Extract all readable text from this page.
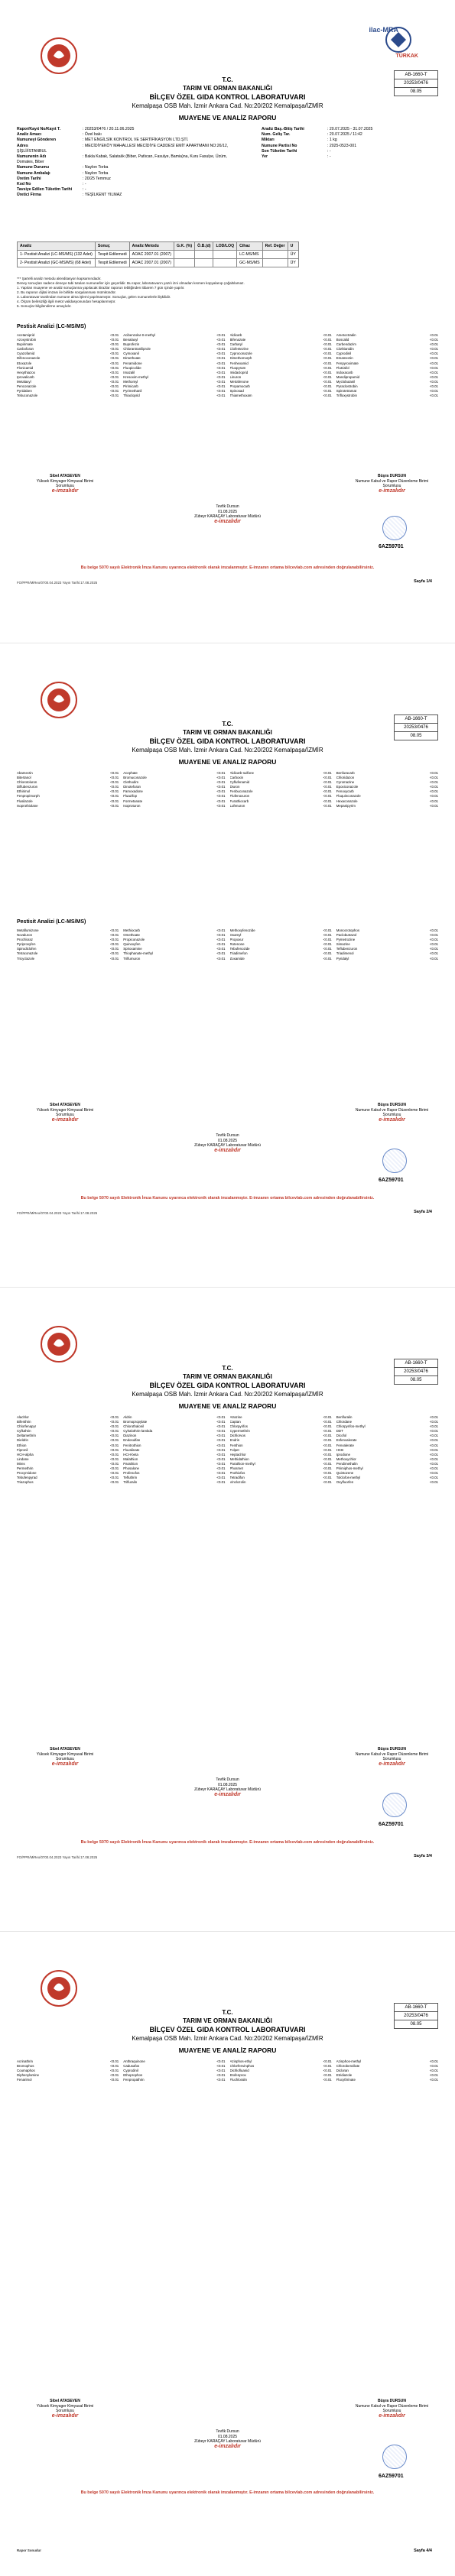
ilac-MRA
TÜRKAK
AB-1660-T
20253/0476
08.05
T.C.
TARIM VE ORMAN BAKANLIĞI
BİLÇEV ÖZEL GIDA KONTROL LABORATUVARI
Kemalpaşa OSB Mah. İzmir Ankara Cad. No:20/202 Kemalpaşa/İZMİR
MUAYENE VE ANALİZ RAPORU
Rapor/Kayıt No/Kayıt T.	: 20253/0476 / 20.11.06.2025
Analiz Amacı	: Özel bakı
Numuneyi Gönderen	: MET ENGİLSİK KONTROL VE SERTİFİKASYON LTD.ŞTİ.
Adres	: MECİDİYEKÖY MAHALLESİ MECİDİYE CADDESİ EMİT APARTMANI NO:26/12, ŞİŞLİ/İSTANBUL
Numunenin Adı	: Bakla Kabak, Salatalık (Biber, Patlıcan, Fasulye, Bamia)na, Kuru Fasulye, Üzüm, Domates, Biber
Numune Durumu	: Naylon Torba
Numune Ambalajı	: Naylon Torba
Üretim Tarihi	: 20/25 Temmuz
Kod No	: -
Tavsiye Edilen Tüketim Tarihi	: -
Üretici Firma	: YEŞİLKENT YILMAZ
Analiz Baş.-Bitiş Tarihi	: 20.07.2025 - 31.07.2025
Num. Geliş Tar.	: 20.07.2025 / 11:42
Miktarı	: 1 kg
Numune Partisi No	: 2025-0523-001
Son Tüketim Tarihi	: -
Yer	: -
Analiz	Sonuç	Analiz Metodu	G.K. (%)	Ö.B.(d)	LOD/LOQ	Cihaz	Ref. Değer	U
1- Pestisit Analizi (LC-MS/MS) (132 Adet)	Tespit Edilemedi	AOAC 2007.01 (2007)				LC-MS/MS		ÜY
2- Pestisit Analizi (GC-MS/MS) (68 Adet)	Tespit Edilemedi	AOAC 2007.01 (2007)				GC-MS/MS		ÜY
*** Şartelli analiz metodu akreditasyon kapsamındadır.
Deney sonuçları sadece deneye tabi tutulan numune/ler için geçerlidir. Bu rapor, laboratuvarın yazılı izni olmadan kısmen kopyalanıp çoğaltılamaz.
1. Yapılan muayene ve analiz sonuçlarına yapılacak itirazlar raporun tebliğinden itibaren 7 gün içinde yapılır.
2. Bu raporun dijital imzası ile birlikte sorgulanması mümkündür.
3. Laboratuvar tarafından numune alma işlemi yapılmamıştır. Sonuçlar, gelen numunelerle ilişkilidir.
4. Ölçüm belirsizliği ilgili metot validasyonundan hesaplanmıştır.
5. Sonuçlar bilgilendirme amaçlıdır.
Pestisit Analizi (LC-MS/MS)
Acetamiprid	<0.01 Acibenzolar-S-methyl	<0.01 Aldicarb	<0.01 Ametoctradin	<0.01
Azoxystrobin	<0.01 Benalaxyl	<0.01 Bifenazate	<0.01 Boscalid	<0.01
Bupirimate	<0.01 Buprofezin	<0.01 Carbaryl	<0.01 Carbendazim	<0.01
Carbofuran	<0.01 Chlorantraniliprole	<0.01 Clofentezine	<0.01 Clothianidin	<0.01
Cyazofamid	<0.01 Cymoxanil	<0.01 Cyproconazole	<0.01 Cyprodinil	<0.01
Difenoconazole	<0.01 Dimethoate	<0.01 Dimethomorph	<0.01 Emamectin	<0.01
Etoxazole	<0.01 Fenamidone	<0.01 Fenhexamid	<0.01 Fenpyroximate	<0.01
Flonicamid	<0.01 Fluopicolide	<0.01 Fluopyram	<0.01 Flutriafol	<0.01
Hexythiazox	<0.01 Imazalil	<0.01 Imidacloprid	<0.01 Indoxacarb	<0.01
Iprovalicarb	<0.01 Kresoxim-methyl	<0.01 Linuron	<0.01 Mandipropamid	<0.01
Metalaxyl	<0.01 Methomyl	<0.01 Metrafenone	<0.01 Myclobutanil	<0.01
Penconazole	<0.01 Pirimicarb	<0.01 Propamocarb	<0.01 Pyraclostrobin	<0.01
Pyridaben	<0.01 Pyrimethanil	<0.01 Spinosad	<0.01 Spirotetramat	<0.01
Tebuconazole	<0.01 Thiacloprid	<0.01 Thiamethoxam	<0.01 Trifloxystrobin	<0.01
Sibel ATASEVEN
Yüksek Kimyager Kimyasal Birimi Sorumlusu
e-imzalıdır
Tevfik Dursun
01.08.2025
Zübeyr KARAÇAY Laboratuvar Müdürü
e-imzalıdır
Büşra DURSUN
Numune Kabul ve Rapor Düzenleme Birimi Sorumlusu
e-imzalıdır
6AZ59701
Bu belge 5070 sayılı Elektronik İmza Kanunu uyarınca elektronik olarak imzalanmıştır. E-imzanın ortama bilcevlab.com adresinden doğrulanabilirsiniz.
FO/PPR/MiReo/0700.04.2023 Yayın Tarihi:17.08.2025	Sayfa 1/4
AB-1660-T
20253/0476
08.05
T.C.
TARIM VE ORMAN BAKANLIĞI
BİLÇEV ÖZEL GIDA KONTROL LABORATUVARI
Kemalpaşa OSB Mah. İzmir Ankara Cad. No:20/202 Kemalpaşa/İZMİR
MUAYENE VE ANALİZ RAPORU
Abamectin	<0.01 Acephate	<0.01 Aldicarb-sulfone	<0.01 Benfuracarb	<0.01
Bitertanol	<0.01 Bromuconazole	<0.01 Carboxin	<0.01 Chloridazon	<0.01
Chlorotoluron	<0.01 Clethodim	<0.01 Cyflufenamid	<0.01 Cyromazine	<0.01
Diflubenzuron	<0.01 Dinotefuran	<0.01 Diuron	<0.01 Epoxiconazole	<0.01
Ethirimol	<0.01 Famoxadone	<0.01 Fenbuconazole	<0.01 Fenoxycarb	<0.01
Fenpropimorph	<0.01 Fluazifop	<0.01 Flufenoxuron	<0.01 Fluquinconazole	<0.01
Flusilazole	<0.01 Formetanate	<0.01 Furathiocarb	<0.01 Hexaconazole	<0.01
Isoprothiolane	<0.01 Isoproturon	<0.01 Lufenuron	<0.01 Mepanipyrim	<0.01
Pestisit Analizi (LC-MS/MS)
Metaflumizone	<0.01 Methiocarb	<0.01 Methoxyfenozide	<0.01 Monocrotophos	<0.01
Novaluron	<0.01 Omethoate	<0.01 Oxamyl	<0.01 Paclobutrazol	<0.01
Prochloraz	<0.01 Propiconazole	<0.01 Propoxur	<0.01 Pymetrozine	<0.01
Pyriproxyfen	<0.01 Quinoxyfen	<0.01 Rotenone	<0.01 Simazine	<0.01
Spirodiclofen	<0.01 Spiroxamine	<0.01 Tebufenozide	<0.01 Teflubenzuron	<0.01
Tetraconazole	<0.01 Thiophanate-methyl	<0.01 Triadimefon	<0.01 Triadimenol	<0.01
Tricyclazole	<0.01 Triflumuron	<0.01 Zoxamide	<0.01 Pyridalyl	<0.01
Sibel ATASEVEN
Yüksek Kimyager Kimyasal Birimi Sorumlusu
e-imzalıdır
Tevfik Dursun
01.08.2025
Zübeyr KARAÇAY Laboratuvar Müdürü
e-imzalıdır
Büşra DURSUN
Numune Kabul ve Rapor Düzenleme Birimi Sorumlusu
e-imzalıdır
6AZ59701
Bu belge 5070 sayılı Elektronik İmza Kanunu uyarınca elektronik olarak imzalanmıştır. E-imzanın ortama bilcevlab.com adresinden doğrulanabilirsiniz.
FO/PPR/MiReo/0700.04.2023 Yayın Tarihi:17.08.2025	Sayfa 2/4
AB-1660-T
20253/0476
08.05
T.C.
TARIM VE ORMAN BAKANLIĞI
BİLÇEV ÖZEL GIDA KONTROL LABORATUVARI
Kemalpaşa OSB Mah. İzmir Ankara Cad. No:20/202 Kemalpaşa/İZMİR
MUAYENE VE ANALİZ RAPORU
Alachlor	<0.01 Aldrin	<0.01 Atrazine	<0.01 Benfluralin	<0.01
Bifenthrin	<0.01 Bromopropylate	<0.01 Captan	<0.01 Chlordane	<0.01
Chlorfenapyr	<0.01 Chlorothalonil	<0.01 Chlorpyrifos	<0.01 Chlorpyrifos-methyl	<0.01
Cyfluthrin	<0.01 Cyhalothrin-lambda	<0.01 Cypermethrin	<0.01 DDT	<0.01
Deltamethrin	<0.01 Diazinon	<0.01 Dichlorvos	<0.01 Dicofol	<0.01
Dieldrin	<0.01 Endosulfan	<0.01 Endrin	<0.01 Esfenvalerate	<0.01
Ethion	<0.01 Fenitrothion	<0.01 Fenthion	<0.01 Fenvalerate	<0.01
Fipronil	<0.01 Fluvalinate	<0.01 Folpet	<0.01 HCB	<0.01
HCH-alpha	<0.01 HCH-beta	<0.01 Heptachlor	<0.01 Iprodione	<0.01
Lindane	<0.01 Malathion	<0.01 Methidathion	<0.01 Methoxychlor	<0.01
Mirex	<0.01 Parathion	<0.01 Parathion-methyl	<0.01 Pendimethalin	<0.01
Permethrin	<0.01 Phosalone	<0.01 Phosmet	<0.01 Pirimiphos-methyl	<0.01
Procymidone	<0.01 Profenofos	<0.01 Prothiofos	<0.01 Quintozene	<0.01
Tebufenpyrad	<0.01 Tefluthrin	<0.01 Tetradifon	<0.01 Tolclofos-methyl	<0.01
Triazophos	<0.01 Trifluralin	<0.01 Vinclozolin	<0.01 Oxyfluorfen	<0.01
Sibel ATASEVEN
Yüksek Kimyager Kimyasal Birimi Sorumlusu
e-imzalıdır
Tevfik Dursun
01.08.2025
Zübeyr KARAÇAY Laboratuvar Müdürü
e-imzalıdır
Büşra DURSUN
Numune Kabul ve Rapor Düzenleme Birimi Sorumlusu
e-imzalıdır
6AZ59701
Bu belge 5070 sayılı Elektronik İmza Kanunu uyarınca elektronik olarak imzalanmıştır. E-imzanın ortama bilcevlab.com adresinden doğrulanabilirsiniz.
FO/PPR/MiReo/0700.04.2023 Yayın Tarihi:17.08.2025	Sayfa 3/4
AB-1660-T
20253/0476
08.05
T.C.
TARIM VE ORMAN BAKANLIĞI
BİLÇEV ÖZEL GIDA KONTROL LABORATUVARI
Kemalpaşa OSB Mah. İzmir Ankara Cad. No:20/202 Kemalpaşa/İZMİR
MUAYENE VE ANALİZ RAPORU
Acrinathrin	<0.01 Anthraquinone	<0.01 Azinphos-ethyl	<0.01 Azinphos-methyl	<0.01
Bromophos	<0.01 Cadusafos	<0.01 Chlorfenvinphos	<0.01 Chlorobenzilate	<0.01
Coumaphos	<0.01 Cyprodinil	<0.01 Dichlofluanid	<0.01 Dicloran	<0.01
Diphenylamine	<0.01 Ethoprophos	<0.01 Etofenprox	<0.01 Etridiazole	<0.01
Fenarimol	<0.01 Fenpropathrin	<0.01 Fluchloralin	<0.01 Flucythrinate	<0.01
Sibel ATASEVEN
Yüksek Kimyager Kimyasal Birimi Sorumlusu
e-imzalıdır
Tevfik Dursun
01.08.2025
Zübeyr KARAÇAY Laboratuvar Müdürü
e-imzalıdır
Büşra DURSUN
Numune Kabul ve Rapor Düzenleme Birimi Sorumlusu
e-imzalıdır
6AZ59701
Bu belge 5070 sayılı Elektronik İmza Kanunu uyarınca elektronik olarak imzalanmıştır. E-imzanın ortama bilcevlab.com adresinden doğrulanabilirsiniz.
Rapor Sonudur	Sayfa 4/4
